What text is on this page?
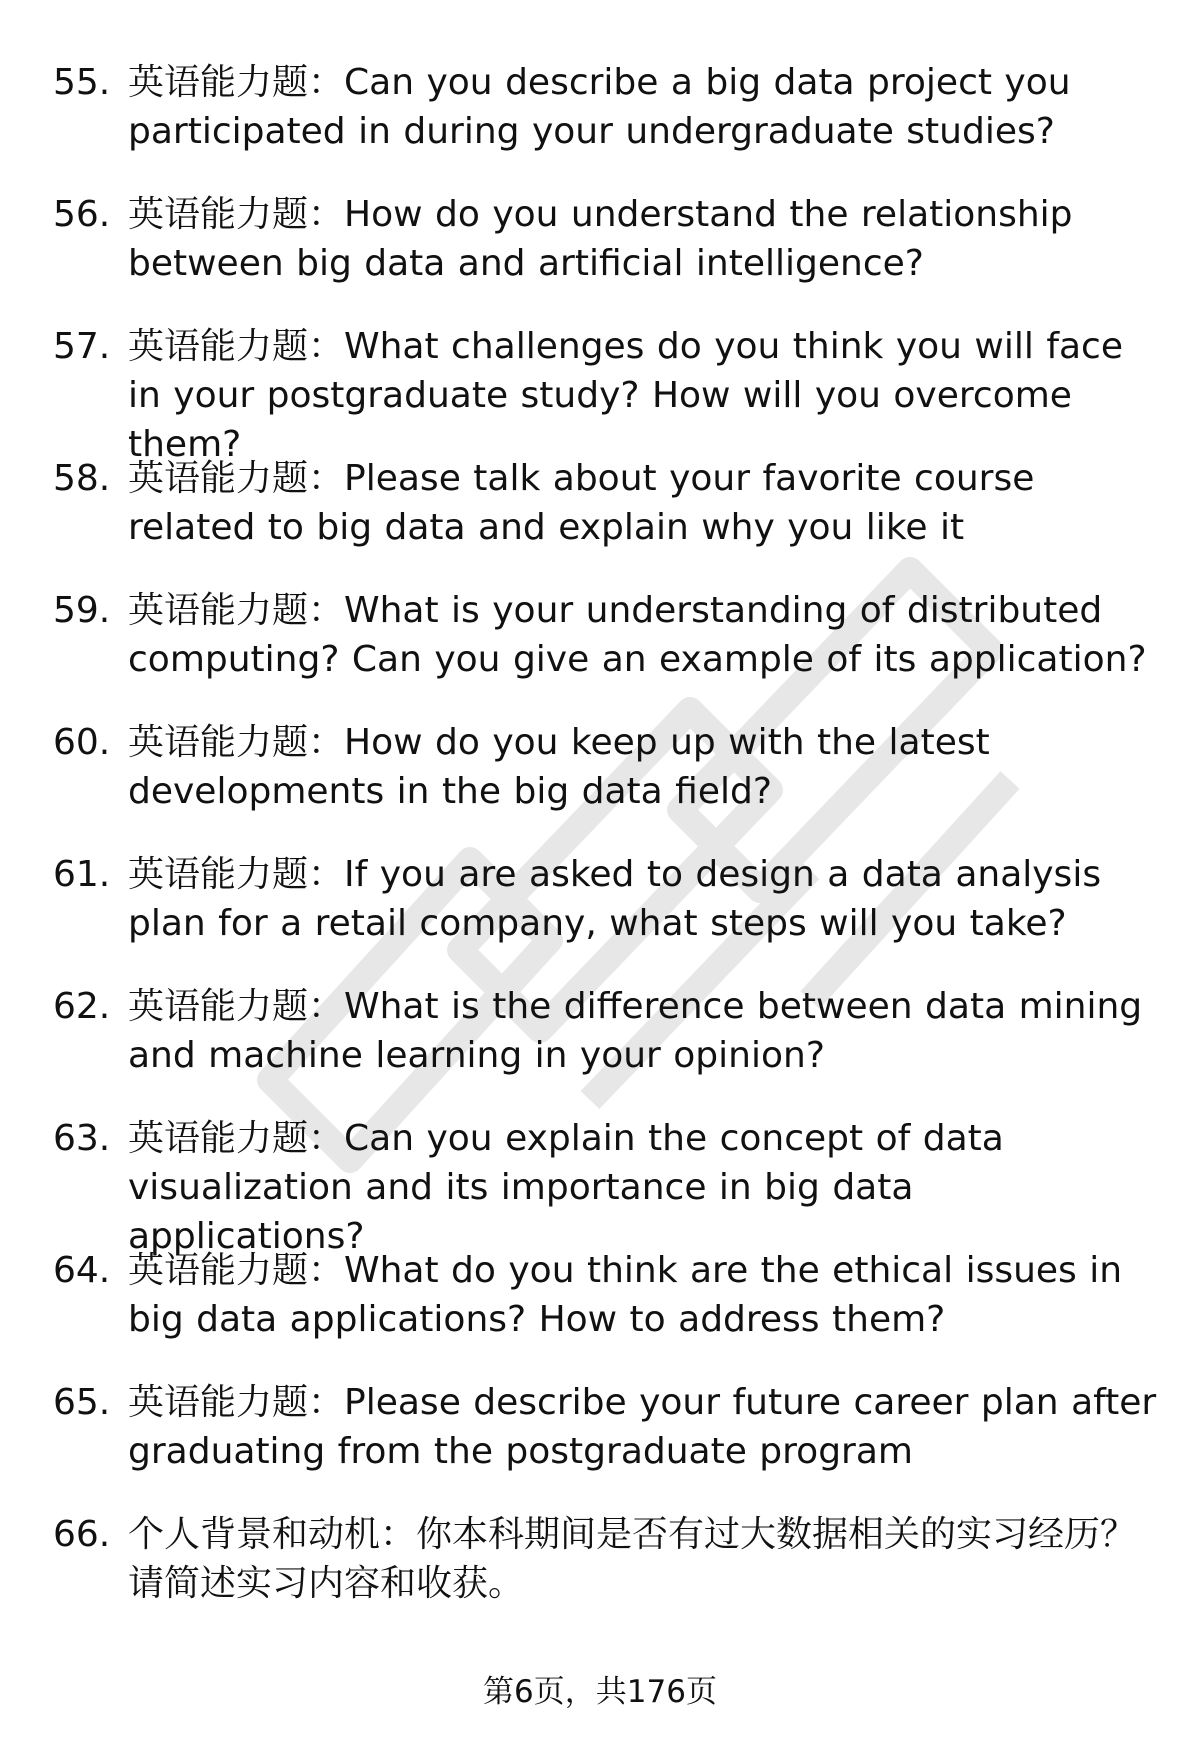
55. 英语能力题：Can you describe a big data project you participated in during your undergraduate studies?
56. 英语能力题：How do you understand the relationship between big data and artificial intelligence?
57. 英语能力题：What challenges do you think you will face in your postgraduate study? How will you overcome them?
58. 英语能力题：Please talk about your favorite course related to big data and explain why you like it
59. 英语能力题：What is your understanding of distributed computing? Can you give an example of its application?
60. 英语能力题：How do you keep up with the latest developments in the big data field?
61. 英语能力题：If you are asked to design a data analysis plan for a retail company, what steps will you take?
62. 英语能力题：What is the difference between data mining and machine learning in your opinion?
63. 英语能力题：Can you explain the concept of data visualization and its importance in big data applications?
64. 英语能力题：What do you think are the ethical issues in big data applications? How to address them?
65. 英语能力题：Please describe your future career plan after graduating from the postgraduate program
66. 个人背景和动机：你本科期间是否有过大数据相关的实习经历？请简述实习内容和收获。
第6页，共176页
